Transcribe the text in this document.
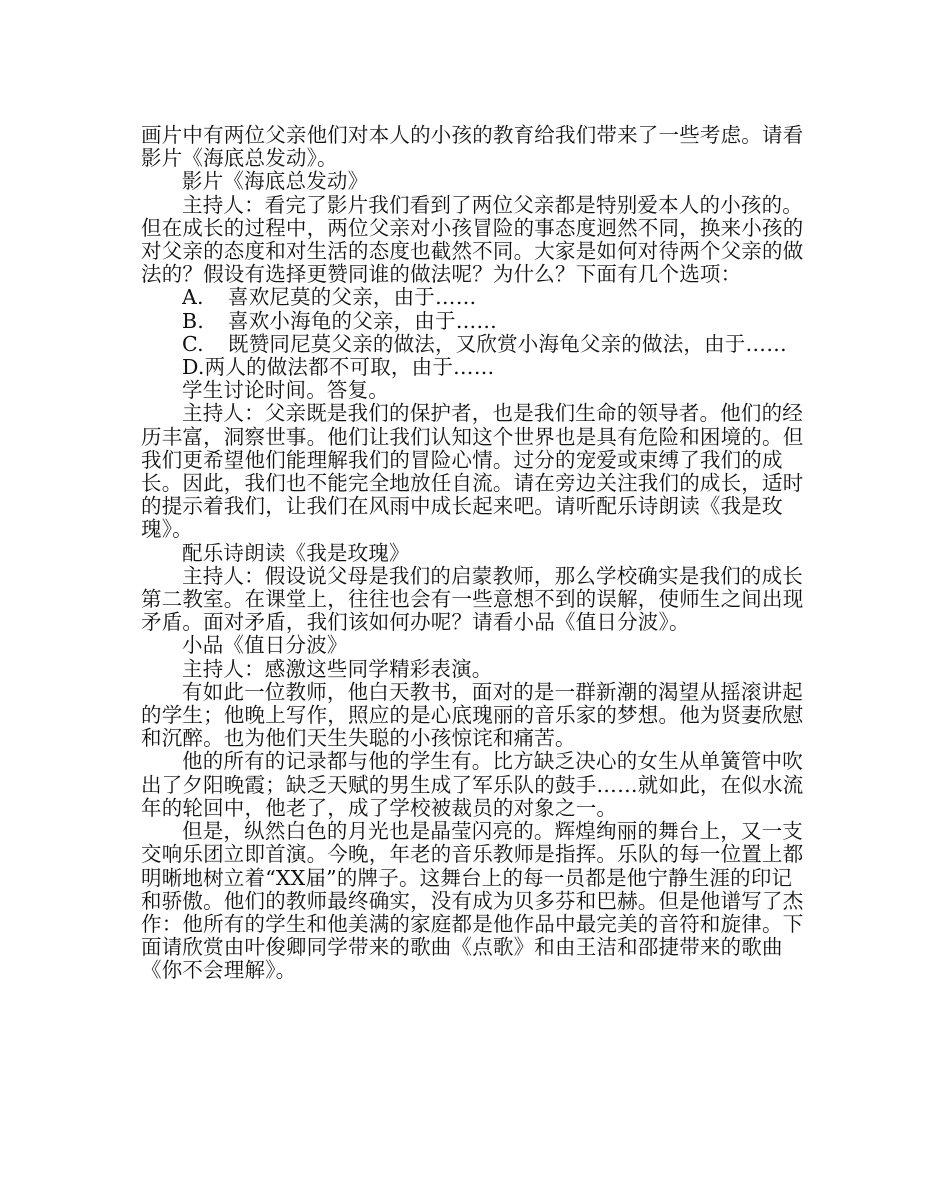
画片中有两位父亲他们对本人的小孩的教育给我们带来了一些考虑。请看影片《海底总发动》。

影片《海底总发动》

主持人：看完了影片我们看到了两位父亲都是特别爱本人的小孩的。但在成长的过程中，两位父亲对小孩冒险的事态度迥然不同，换来小孩的对父亲的态度和对生活的态度也截然不同。大家是如何对待两个父亲的做法的？假设有选择更赞同谁的做法呢？为什么？下面有几个选项：

A. 喜欢尼莫的父亲，由于……

B. 喜欢小海龟的父亲，由于……

C. 既赞同尼莫父亲的做法，又欣赏小海龟父亲的做法，由于……

D.两人的做法都不可取，由于……

学生讨论时间。答复。

主持人：父亲既是我们的保护者，也是我们生命的领导者。他们的经历丰富，洞察世事。他们让我们认知这个世界也是具有危险和困境的。但我们更希望他们能理解我们的冒险心情。过分的宠爱或束缚了我们的成长。因此，我们也不能完全地放任自流。请在旁边关注我们的成长，适时的提示着我们，让我们在风雨中成长起来吧。请听配乐诗朗读《我是玫瑰》。

配乐诗朗读《我是玫瑰》

主持人：假设说父母是我们的启蒙教师，那么学校确实是我们的成长第二教室。在课堂上，往往也会有一些意想不到的误解，使师生之间出现矛盾。面对矛盾，我们该如何办呢？请看小品《值日分波》。

小品《值日分波》

主持人：感激这些同学精彩表演。

有如此一位教师，他白天教书，面对的是一群新潮的渴望从摇滚讲起的学生；他晚上写作，照应的是心底瑰丽的音乐家的梦想。他为贤妻欣慰和沉醉。也为他们天生失聪的小孩惊诧和痛苦。

他的所有的记录都与他的学生有。比方缺乏决心的女生从单簧管中吹出了夕阳晚霞；缺乏天赋的男生成了军乐队的鼓手……就如此，在似水流年的轮回中，他老了，成了学校被裁员的对象之一。

但是，纵然白色的月光也是晶莹闪亮的。辉煌绚丽的舞台上，又一支交响乐团立即首演。今晚，年老的音乐教师是指挥。乐队的每一位置上都明晰地树立着“XX届”的牌子。这舞台上的每一员都是他宁静生涯的印记和骄傲。他们的教师最终确实，没有成为贝多芬和巴赫。但是他谱写了杰作：他所有的学生和他美满的家庭都是他作品中最完美的音符和旋律。下面请欣赏由叶俊卿同学带来的歌曲《点歌》和由王洁和邵捷带来的歌曲《你不会理解》。
